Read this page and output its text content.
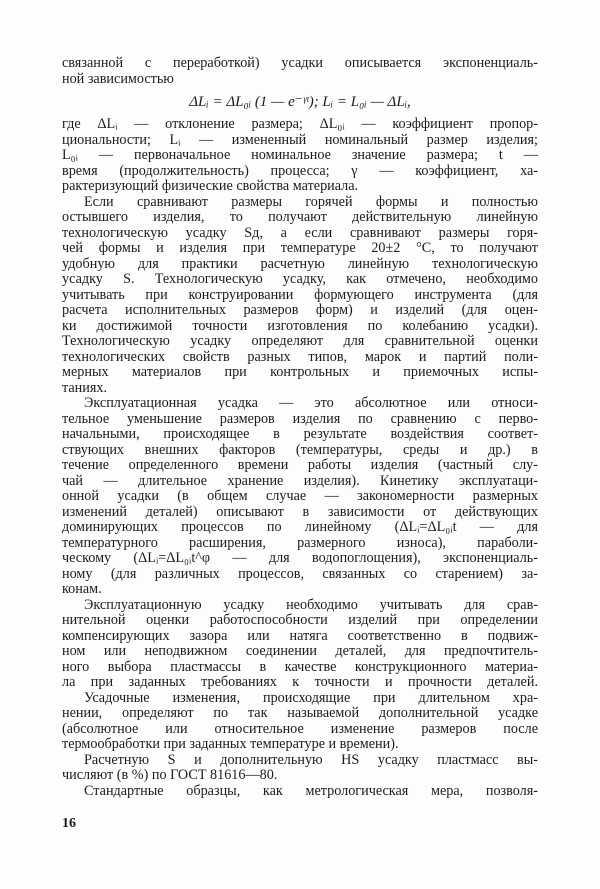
связанной с переработкой) усадки описывается экспоненциаль-
ной зависимостью
ΔLᵢ = ΔL₀ᵢ (1 — e⁻ᵞᵗ); Lᵢ = L₀ᵢ — ΔLᵢ,
где ΔLᵢ — отклонение размера; ΔL₀ᵢ — коэффициент пропор-
циональности; Lᵢ — измененный номинальный размер изделия;
L₀ᵢ — первоначальное номинальное значение размера; t —
время (продолжительность) процесса; γ — коэффициент, ха-
рактеризующий физические свойства материала.
Если сравнивают размеры горячей формы и полностью
остывшего изделия, то получают действительную линейную
технологическую усадку Sд, а если сравнивают размеры горя-
чей формы и изделия при температуре 20±2 °С, то получают
удобную для практики расчетную линейную технологическую
усадку S. Технологическую усадку, как отмечено, необходимо
учитывать при конструировании формующего инструмента (для
расчета исполнительных размеров форм) и изделий (для оцен-
ки достижимой точности изготовления по колебанию усадки).
Технологическую усадку определяют для сравнительной оценки
технологических свойств разных типов, марок и партий поли-
мерных материалов при контрольных и приемочных испы-
таниях.
Эксплуатационная усадка — это абсолютное или относи-
тельное уменьшение размеров изделия по сравнению с перво-
начальными, происходящее в результате воздействия соответ-
ствующих внешних факторов (температуры, среды и др.) в
течение определенного времени работы изделия (частный слу-
чай — длительное хранение изделия). Кинетику эксплуатаци-
онной усадки (в общем случае — закономерности размерных
изменений деталей) описывают в зависимости от действующих
доминирующих процессов по линейному (ΔLᵢ=ΔL₀ᵢt — для
температурного расширения, размерного износа), параболи-
ческому (ΔLᵢ=ΔL₀ᵢt^φ — для водопоглощения), экспоненциаль-
ному (для различных процессов, связанных со старением) за-
конам.
Эксплуатационную усадку необходимо учитывать для срав-
нительной оценки работоспособности изделий при определении
компенсирующих зазора или натяга соответственно в подвиж-
ном или неподвижном соединении деталей, для предпочтитель-
ного выбора пластмассы в качестве конструкционного материа-
ла при заданных требованиях к точности и прочности деталей.
Усадочные изменения, происходящие при длительном хра-
нении, определяют по так называемой дополнительной усадке
(абсолютное или относительное изменение размеров после
термообработки при заданных температуре и времени).
Расчетную S и дополнительную HS усадку пластмасс вы-
числяют (в %) по ГОСТ 81616—80.
Стандартные образцы, как метрологическая мера, позволя-
16
